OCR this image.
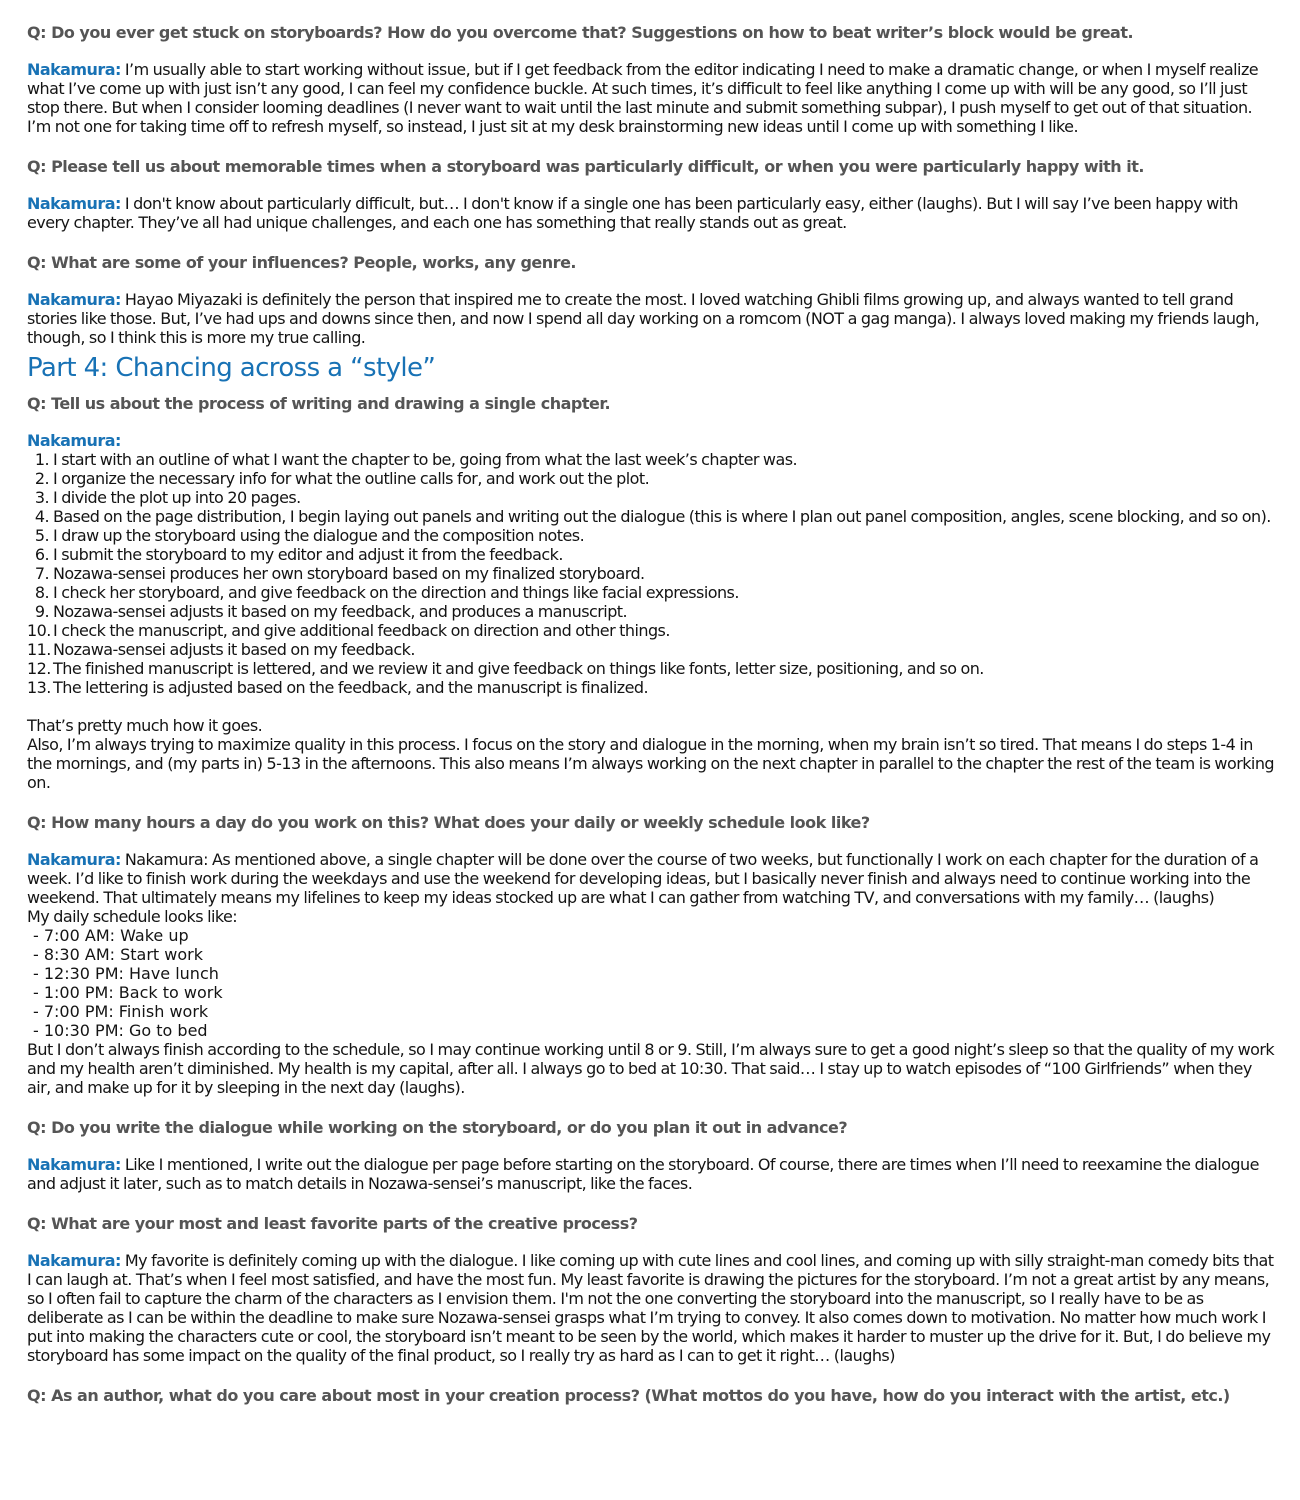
Q: Do you ever get stuck on storyboards? How do you overcome that? Suggestions on how to beat writer’s block would be great.

Nakamura: I’m usually able to start working without issue, but if I get feedback from the editor indicating I need to make a dramatic change, or when I myself realize what I’ve come up with just isn’t any good, I can feel my confidence buckle. At such times, it’s difficult to feel like anything I come up with will be any good, so I’ll just stop there. But when I consider looming deadlines (I never want to wait until the last minute and submit something subpar), I push myself to get out of that situation. I’m not one for taking time off to refresh myself, so instead, I just sit at my desk brainstorming new ideas until I come up with something I like.

Q: Please tell us about memorable times when a storyboard was particularly difficult, or when you were particularly happy with it.

Nakamura: I don't know about particularly difficult, but… I don't know if a single one has been particularly easy, either (laughs). But I will say I’ve been happy with every chapter. They’ve all had unique challenges, and each one has something that really stands out as great.

Q: What are some of your influences? People, works, any genre.

Nakamura: Hayao Miyazaki is definitely the person that inspired me to create the most. I loved watching Ghibli films growing up, and always wanted to tell grand stories like those. But, I’ve had ups and downs since then, and now I spend all day working on a romcom (NOT a gag manga). I always loved making my friends laugh, though, so I think this is more my true calling.

Part 4: Chancing across a “style”
Q: Tell us about the process of writing and drawing a single chapter.
Nakamura:
1. I start with an outline of what I want the chapter to be, going from what the last week’s chapter was.
2. I organize the necessary info for what the outline calls for, and work out the plot.
3. I divide the plot up into 20 pages.
4. Based on the page distribution, I begin laying out panels and writing out the dialogue (this is where I plan out panel composition, angles, scene blocking, and so on).
5. I draw up the storyboard using the dialogue and the composition notes.
6. I submit the storyboard to my editor and adjust it from the feedback.
7. Nozawa-sensei produces her own storyboard based on my finalized storyboard.
8. I check her storyboard, and give feedback on the direction and things like facial expressions.
9. Nozawa-sensei adjusts it based on my feedback, and produces a manuscript.
10. I check the manuscript, and give additional feedback on direction and other things.
11. Nozawa-sensei adjusts it based on my feedback.
12. The finished manuscript is lettered, and we review it and give feedback on things like fonts, letter size, positioning, and so on.
13. The lettering is adjusted based on the feedback, and the manuscript is finalized.

That’s pretty much how it goes.

Also, I’m always trying to maximize quality in this process. I focus on the story and dialogue in the morning, when my brain isn’t so tired. That means I do steps 1-4 in the mornings, and (my parts in) 5-13 in the afternoons. This also means I’m always working on the next chapter in parallel to the chapter the rest of the team is working on.

Q: How many hours a day do you work on this? What does your daily or weekly schedule look like?

Nakamura: Nakamura: As mentioned above, a single chapter will be done over the course of two weeks, but functionally I work on each chapter for the duration of a week. I’d like to finish work during the weekdays and use the weekend for developing ideas, but I basically never finish and always need to continue working into the weekend. That ultimately means my lifelines to keep my ideas stocked up are what I can gather from watching TV, and conversations with my family… (laughs)

My daily schedule looks like:

- 7:00 AM: Wake up
- 8:30 AM: Start work
- 12:30 PM: Have lunch
- 1:00 PM: Back to work
- 7:00 PM: Finish work
- 10:30 PM: Go to bed

But I don’t always finish according to the schedule, so I may continue working until 8 or 9. Still, I’m always sure to get a good night’s sleep so that the quality of my work and my health aren’t diminished. My health is my capital, after all. I always go to bed at 10:30. That said… I stay up to watch episodes of “100 Girlfriends” when they air, and make up for it by sleeping in the next day (laughs).

Q: Do you write the dialogue while working on the storyboard, or do you plan it out in advance?

Nakamura: Like I mentioned, I write out the dialogue per page before starting on the storyboard. Of course, there are times when I’ll need to reexamine the dialogue and adjust it later, such as to match details in Nozawa-sensei’s manuscript, like the faces.

Q: What are your most and least favorite parts of the creative process?

Nakamura: My favorite is definitely coming up with the dialogue. I like coming up with cute lines and cool lines, and coming up with silly straight-man comedy bits that I can laugh at. That’s when I feel most satisfied, and have the most fun. My least favorite is drawing the pictures for the storyboard. I’m not a great artist by any means, so I often fail to capture the charm of the characters as I envision them. I'm not the one converting the storyboard into the manuscript, so I really have to be as deliberate as I can be within the deadline to make sure Nozawa-sensei grasps what I’m trying to convey. It also comes down to motivation. No matter how much work I put into making the characters cute or cool, the storyboard isn’t meant to be seen by the world, which makes it harder to muster up the drive for it. But, I do believe my storyboard has some impact on the quality of the final product, so I really try as hard as I can to get it right… (laughs)

Q: As an author, what do you care about most in your creation process? (What mottos do you have, how do you interact with the artist, etc.)
